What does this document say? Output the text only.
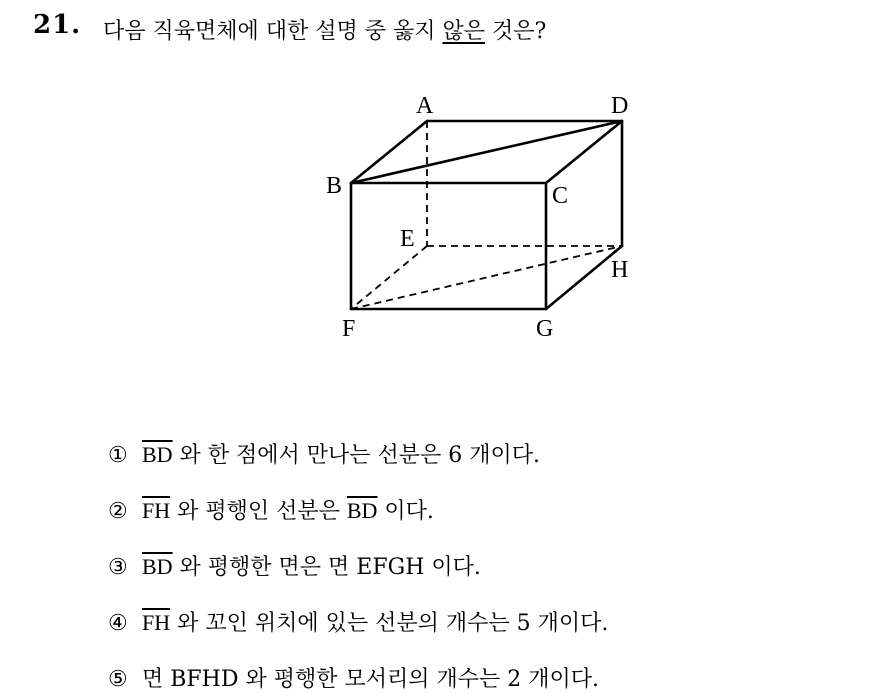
21. 다음 직육면체에 대한 설명 중 옳지 않은 것은?
A	D
B	C
E
H
F	G
① $\overline{BD}$ 와 한 점에서 만나는 선분은 6 개이다.
② $\overline{FH}$ 와 평행인 선분은 $\overline{BD}$ 이다.
③ $\overline{BD}$ 와 평행한 면은 면 EFGH 이다.
④ $\overline{FH}$ 와 꼬인 위치에 있는 선분의 개수는 5 개이다.
⑤ 면 BFHD 와 평행한 모서리의 개수는 2 개이다.
